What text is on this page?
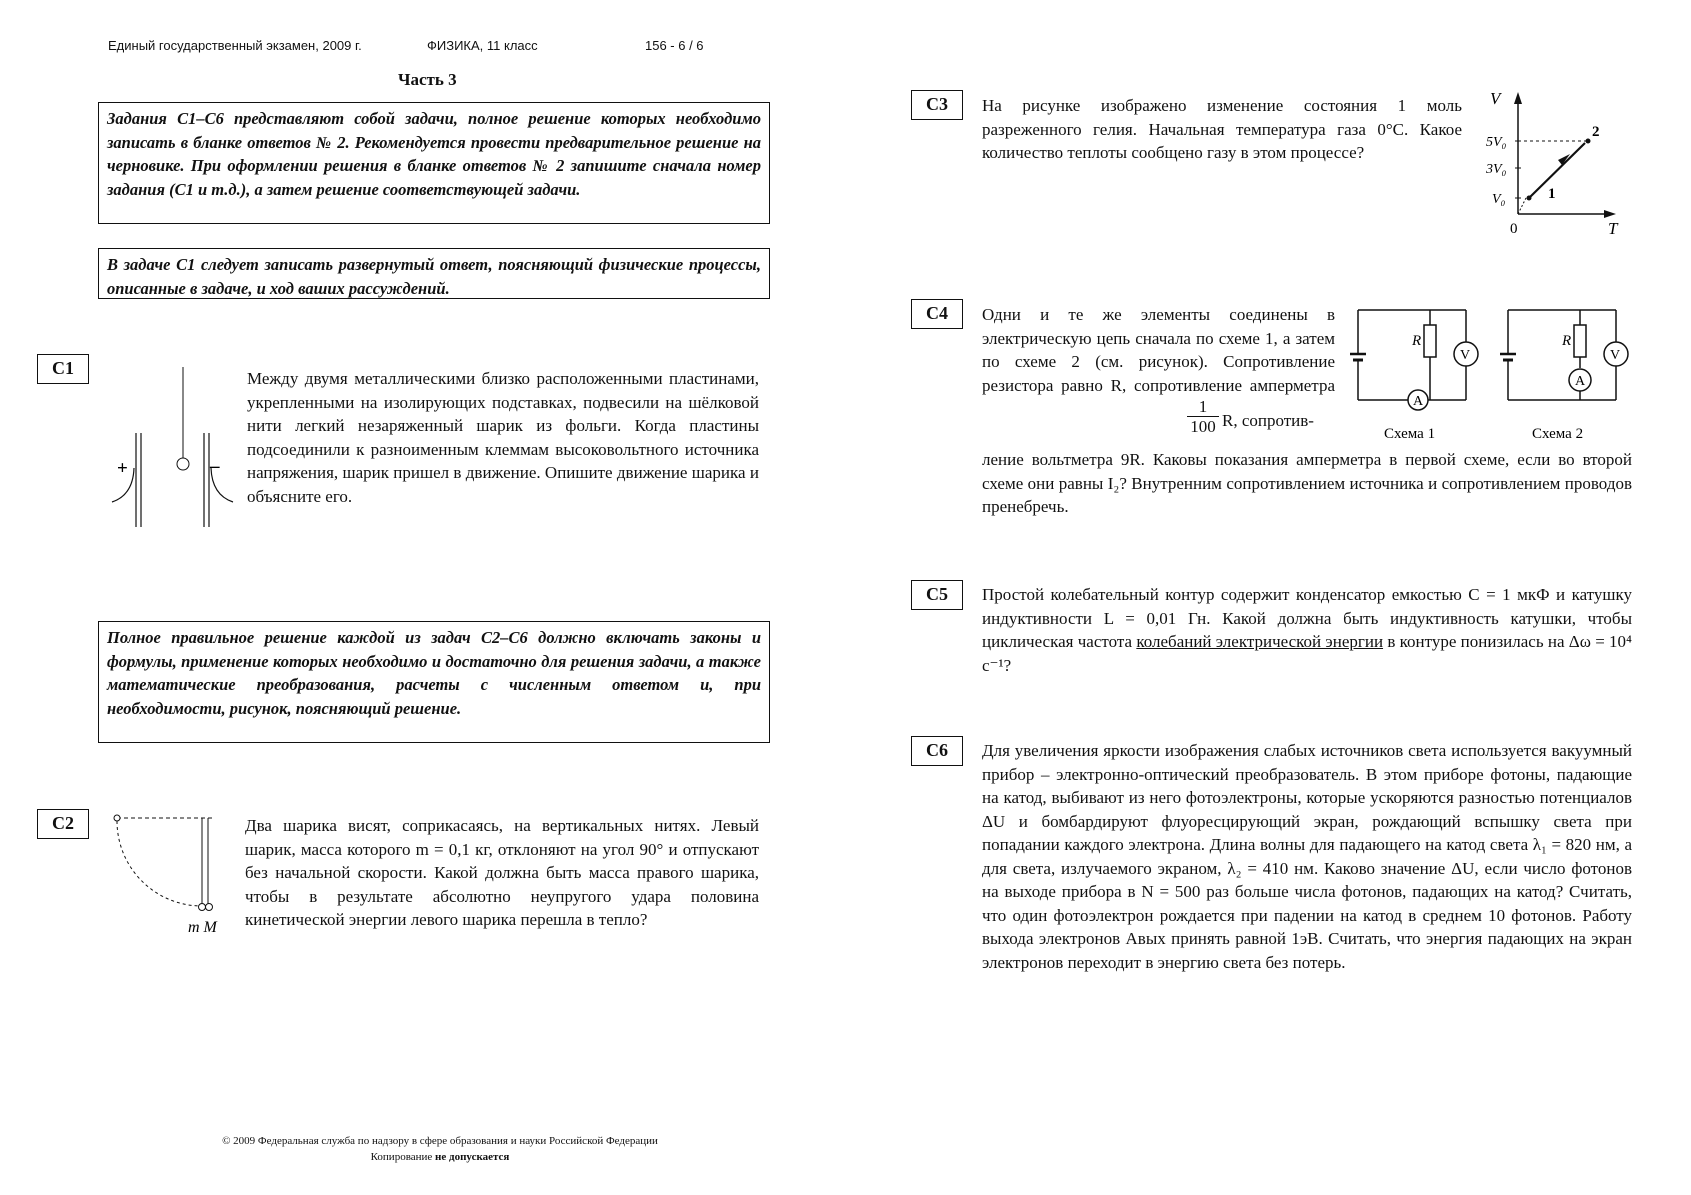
Единый государственный экзамен, 2009 г.	ФИЗИКА, 11 класс	156 - 6 / 6
Часть 3
Задания С1–С6 представляют собой задачи, полное решение которых необходимо записать в бланке ответов № 2. Рекомендуется провести предварительное решение на черновике. При оформлении решения в бланке ответов № 2 запишите сначала номер задания (С1 и т.д.), а затем решение соответствующей задачи.
В задаче С1 следует записать развернутый ответ, поясняющий физические процессы, описанные в задаче, и ход ваших рассуждений.
Полное правильное решение каждой из задач С2–С6 должно включать законы и формулы, применение которых необходимо и достаточно для решения задачи, а также математические преобразования, расчеты с численным ответом и, при необходимости, рисунок, поясняющий решение.
С1
+	–
Между двумя металлическими близко расположенными пластинами, укрепленными на изолирующих подставках, подвесили на шёлковой нити легкий незаряженный шарик из фольги. Когда пластины подсоединили к разноименным клеммам высоковольтного источника напряжения, шарик пришел в движение. Опишите движение шарика и объясните его.
С2
m M
Два шарика висят, соприкасаясь, на вертикальных нитях. Левый шарик, масса которого m = 0,1 кг, отклоняют на угол 90° и отпускают без начальной скорости. Какой должна быть масса правого шарика, чтобы в результате абсолютно неупругого удара половина кинетической энергии левого шарика перешла в тепло?
С3	На рисунке изображено изменение состояния 1 моль разреженного гелия. Начальная температура газа 0°С. Какое количество теплоты сообщено газу в этом процессе?
V
T
0
5V₀
3V₀
V₀	1
2
С4	Одни и те же элементы соединены в электрическую цепь сначала по схеме 1, а затем по схеме 2 (см. рисунок). Сопротивление резистора равно R, сопротивление амперметра
$\frac{1}{100} R$, сопротив-
ление вольтметра 9R. Каковы показания амперметра в первой схеме, если во второй схеме они равны I₂? Внутренним сопротивлением источника и сопротивлением проводов пренебречь.
A
R
V
Схема 1
A
R
V
Схема 2
С5	Простой колебательный контур содержит конденсатор емкостью C = 1 мкФ и катушку индуктивности L = 0,01 Гн. Какой должна быть индуктивность катушки, чтобы циклическая частота колебаний электрической энергии в контуре понизилась на Δω = 10⁴ с⁻¹?
С6	Для увеличения яркости изображения слабых источников света используется вакуумный прибор – электронно-оптический преобразователь. В этом приборе фотоны, падающие на катод, выбивают из него фотоэлектроны, которые ускоряются разностью потенциалов ΔU и бомбардируют флуоресцирующий экран, рождающий вспышку света при попадании каждого электрона. Длина волны для падающего на катод света λ₁ = 820 нм, а для света, излучаемого экраном, λ₂ = 410 нм. Каково значение ΔU, если число фотонов на выходе прибора в N = 500 раз больше числа фотонов, падающих на катод? Считать, что один фотоэлектрон рождается при падении на катод в среднем 10 фотонов. Работу выхода электронов Aвых принять равной 1эВ. Считать, что энергия падающих на экран электронов переходит в энергию света без потерь.
© 2009 Федеральная служба по надзору в сфере образования и науки Российской Федерации
Копирование не допускается
